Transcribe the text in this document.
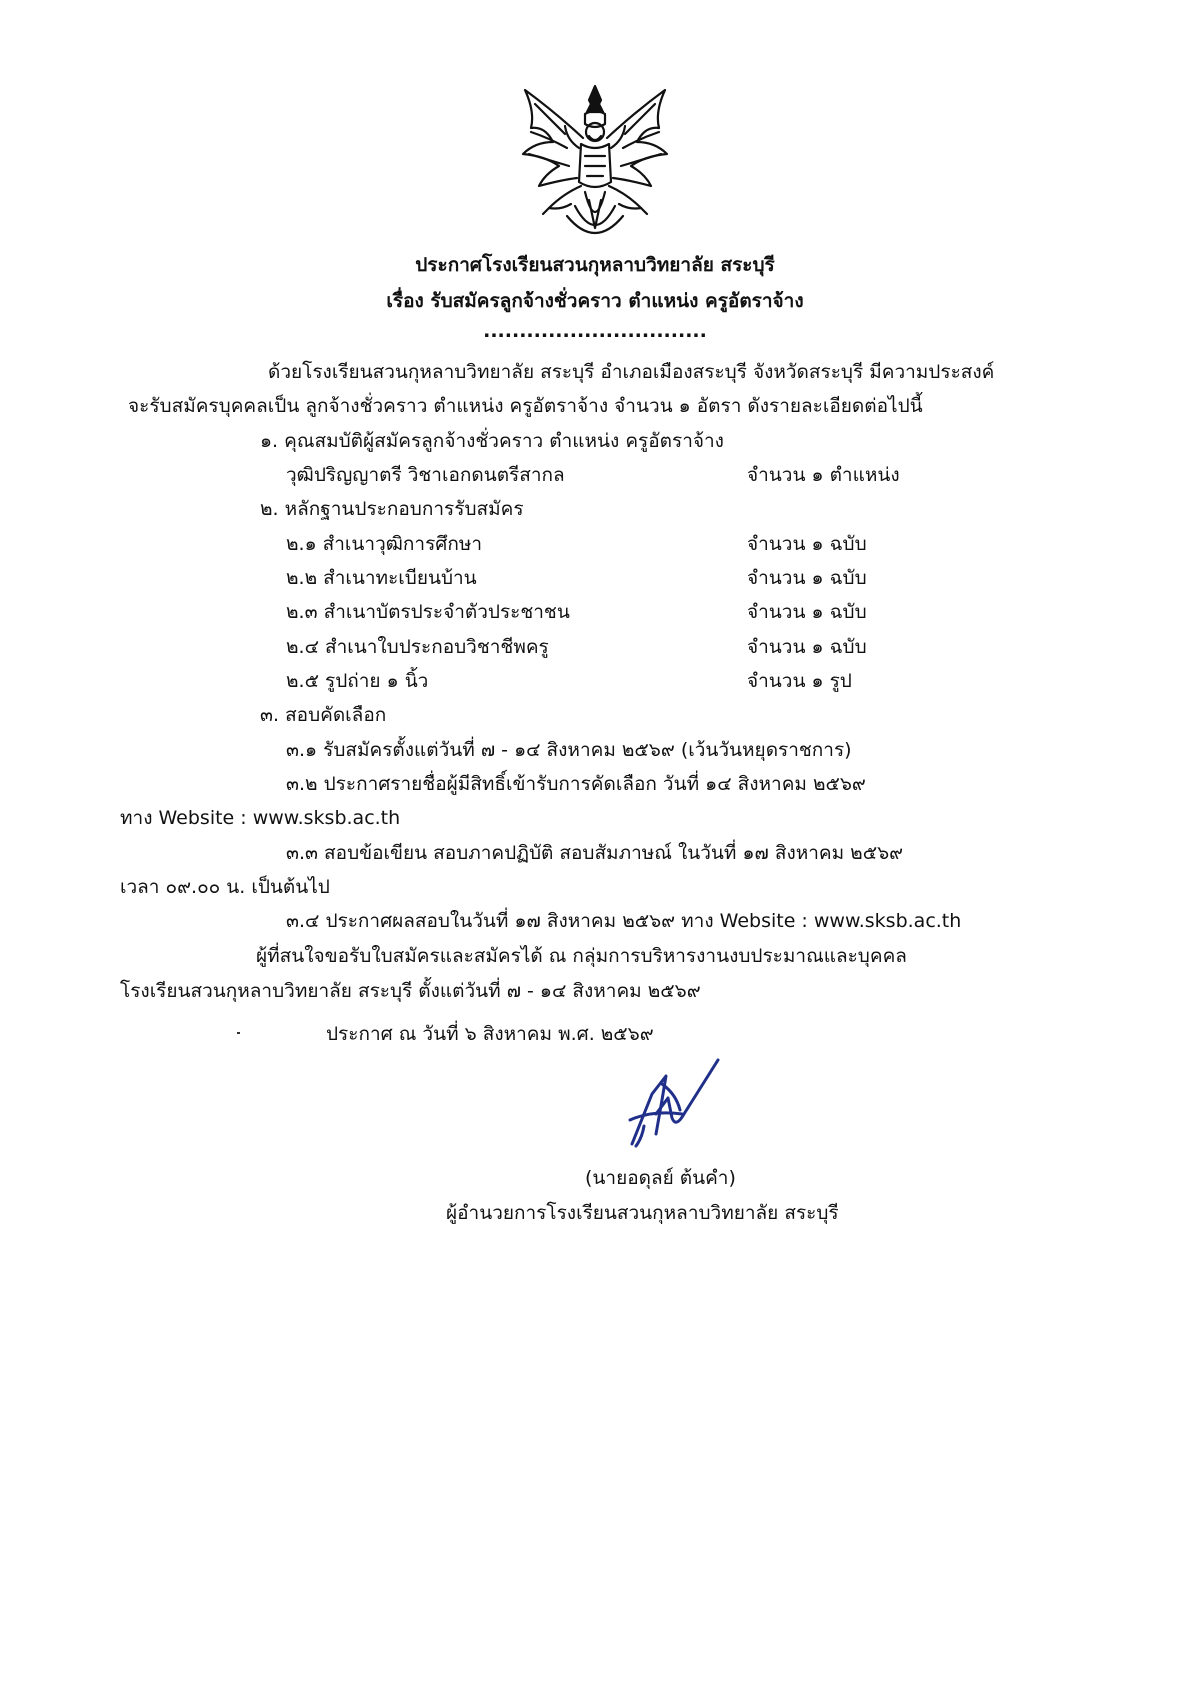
ประกาศโรงเรียนสวนกุหลาบวิทยาลัย สระบุรี
เรื่อง รับสมัครลูกจ้างชั่วคราว ตำแหน่ง ครูอัตราจ้าง
...............................
ด้วยโรงเรียนสวนกุหลาบวิทยาลัย สระบุรี อำเภอเมืองสระบุรี จังหวัดสระบุรี มีความประสงค์
จะรับสมัครบุคคลเป็น ลูกจ้างชั่วคราว ตำแหน่ง ครูอัตราจ้าง จำนวน ๑ อัตรา ดังรายละเอียดต่อไปนี้
๑. คุณสมบัติผู้สมัครลูกจ้างชั่วคราว ตำแหน่ง ครูอัตราจ้าง
วุฒิปริญญาตรี วิชาเอกดนตรีสากล	จำนวน ๑ ตำแหน่ง
๒. หลักฐานประกอบการรับสมัคร
๒.๑ สำเนาวุฒิการศึกษา	จำนวน ๑ ฉบับ
๒.๒ สำเนาทะเบียนบ้าน	จำนวน ๑ ฉบับ
๒.๓ สำเนาบัตรประจำตัวประชาชน	จำนวน ๑ ฉบับ
๒.๔ สำเนาใบประกอบวิชาชีพครู	จำนวน ๑ ฉบับ
๒.๕ รูปถ่าย ๑ นิ้ว	จำนวน ๑ รูป
๓. สอบคัดเลือก
๓.๑ รับสมัครตั้งแต่วันที่ ๗ - ๑๔ สิงหาคม ๒๕๖๙ (เว้นวันหยุดราชการ)
๓.๒ ประกาศรายชื่อผู้มีสิทธิ์เข้ารับการคัดเลือก วันที่ ๑๔ สิงหาคม ๒๕๖๙
ทาง Website : www.sksb.ac.th
๓.๓ สอบข้อเขียน สอบภาคปฏิบัติ สอบสัมภาษณ์ ในวันที่ ๑๗ สิงหาคม ๒๕๖๙
เวลา ๐๙.๐๐ น. เป็นต้นไป
๓.๔ ประกาศผลสอบในวันที่ ๑๗ สิงหาคม ๒๕๖๙ ทาง Website : www.sksb.ac.th
ผู้ที่สนใจขอรับใบสมัครและสมัครได้ ณ กลุ่มการบริหารงานงบประมาณและบุคคล
โรงเรียนสวนกุหลาบวิทยาลัย สระบุรี ตั้งแต่วันที่ ๗ - ๑๔ สิงหาคม ๒๕๖๙
ประกาศ ณ วันที่ ๖ สิงหาคม พ.ศ. ๒๕๖๙
(นายอดุลย์ ต้นคำ)
ผู้อำนวยการโรงเรียนสวนกุหลาบวิทยาลัย สระบุรี
